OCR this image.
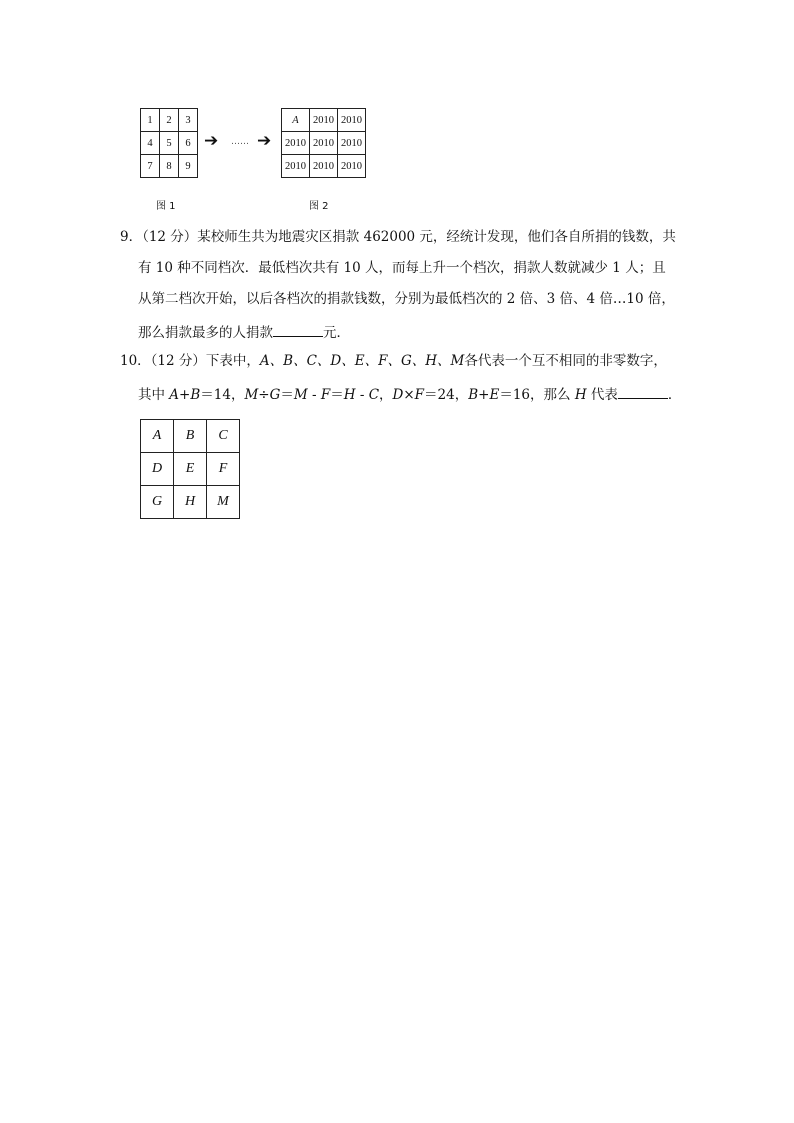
1	2	3
4	5	6
7	8	9
➔ …… ➔
A	2010	2010
2010	2010	2010
2010	2010	2010
图 1	图 2
9．（12 分）某校师生共为地震灾区捐款 462000 元，经统计发现，他们各自所捐的钱数，共
有 10 种不同档次．最低档次共有 10 人，而每上升一个档次，捐款人数就减少 1 人；且
从第二档次开始，以后各档次的捐款钱数，分别为最低档次的 2 倍、3 倍、4 倍…10 倍，
那么捐款最多的人捐款	元．
10．（12 分）下表中，A、B、C、D、E、F、G、H、M各代表一个互不相同的非零数字，
其中 A+B＝14，M÷G＝M - F＝H - C，D×F＝24，B+E＝16，那么 H 代表	．
A	B	C
D	E	F
G	H	M
